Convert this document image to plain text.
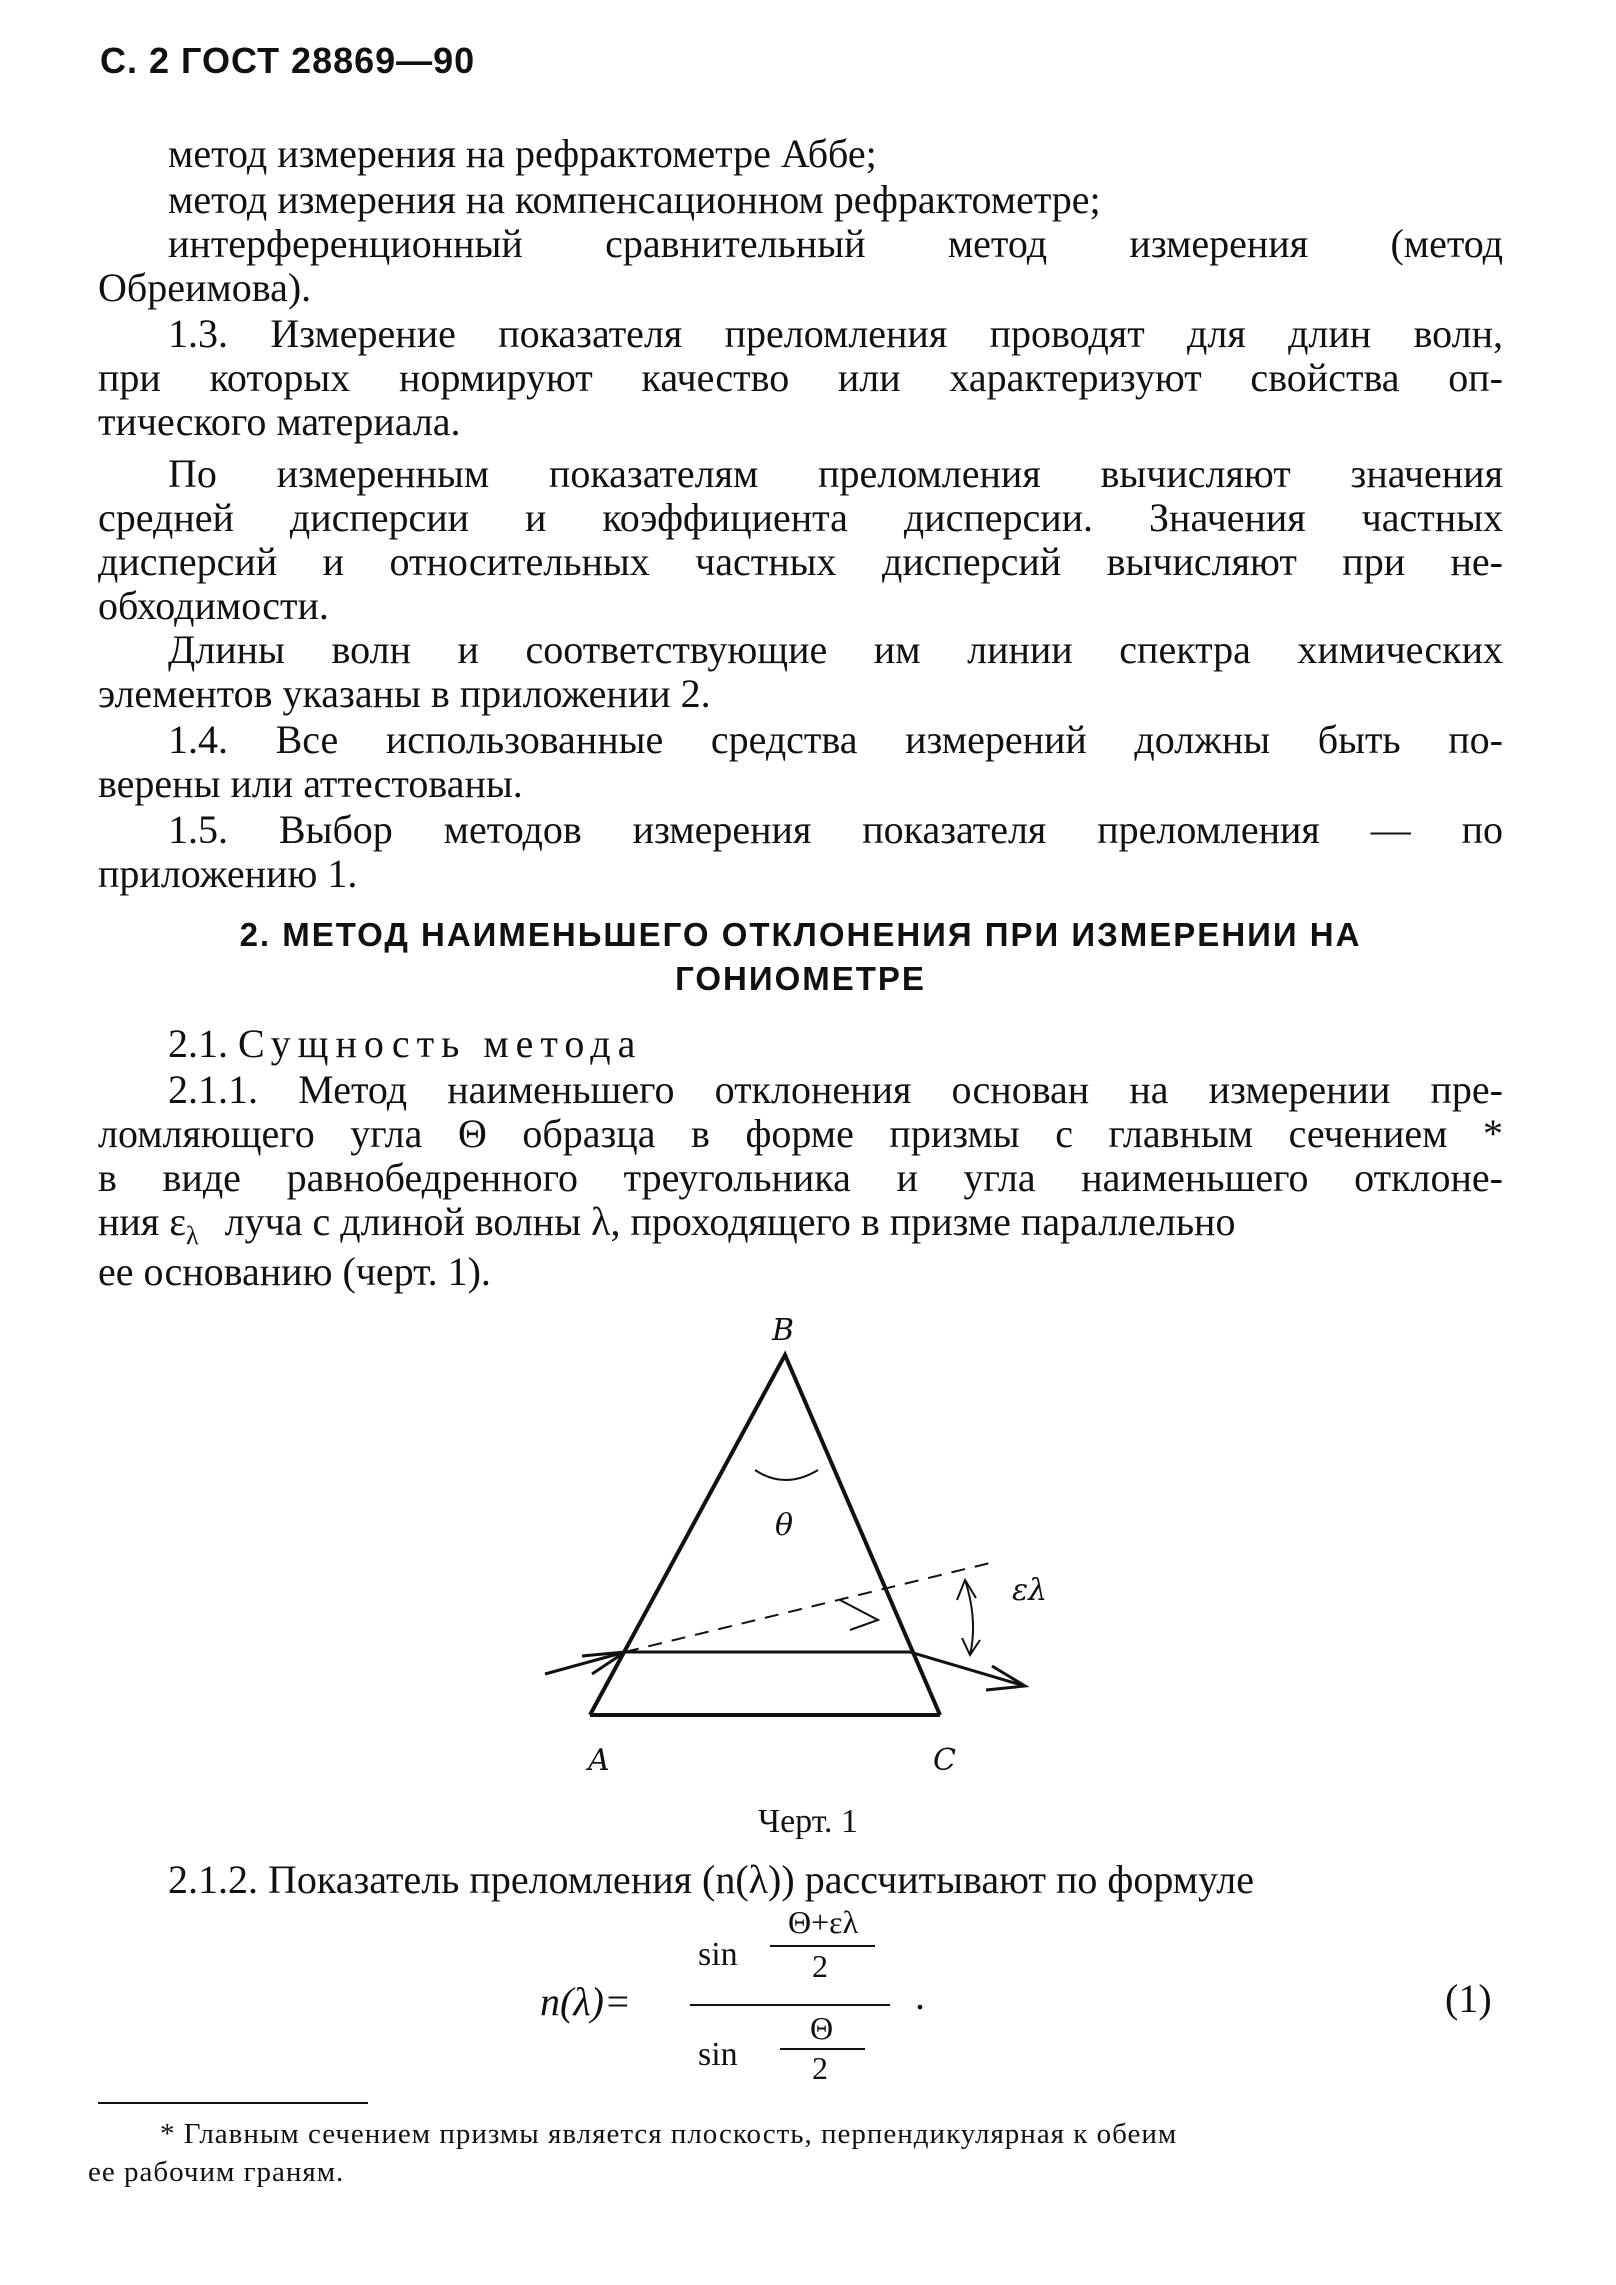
С. 2 ГОСТ 28869—90
метод измерения на рефрактометре Аббе;
метод измерения на компенсационном рефрактометре;
интерференционный сравнительный метод измерения (метод
Обреимова).
1.3. Измерение показателя преломления проводят для длин волн,
при которых нормируют качество или характеризуют свойства оп-
тического материала.
По измеренным показателям преломления вычисляют значения
средней дисперсии и коэффициента дисперсии. Значения частных
дисперсий и относительных частных дисперсий вычисляют при не-
обходимости.
Длины волн и соответствующие им линии спектра химических
элементов указаны в приложении 2.
1.4. Все использованные средства измерений должны быть по-
верены или аттестованы.
1.5. Выбор методов измерения показателя преломления — по
приложению 1.
2. МЕТОД НАИМЕНЬШЕГО ОТКЛОНЕНИЯ ПРИ ИЗМЕРЕНИИ НА
ГОНИОМЕТРЕ
2.1. Сущность метода
2.1.1. Метод наименьшего отклонения основан на измерении пре-
ломляющего угла Θ образца в форме призмы с главным сечением *
в виде равнобедренного треугольника и угла наименьшего отклоне-
ния $\varepsilon_\lambda$ луча с длиной волны λ, проходящего в призме параллельно
ее основанию (черт. 1).
B
θ
ελ
A	C
Черт. 1
2.1.2. Показатель преломления (n(λ)) рассчитывают по формуле
n(λ)=
sin
Θ+ελ
2
sin
Θ
2
.	(1)
* Главным сечением призмы является плоскость, перпендикулярная к обеим
ее рабочим граням.
